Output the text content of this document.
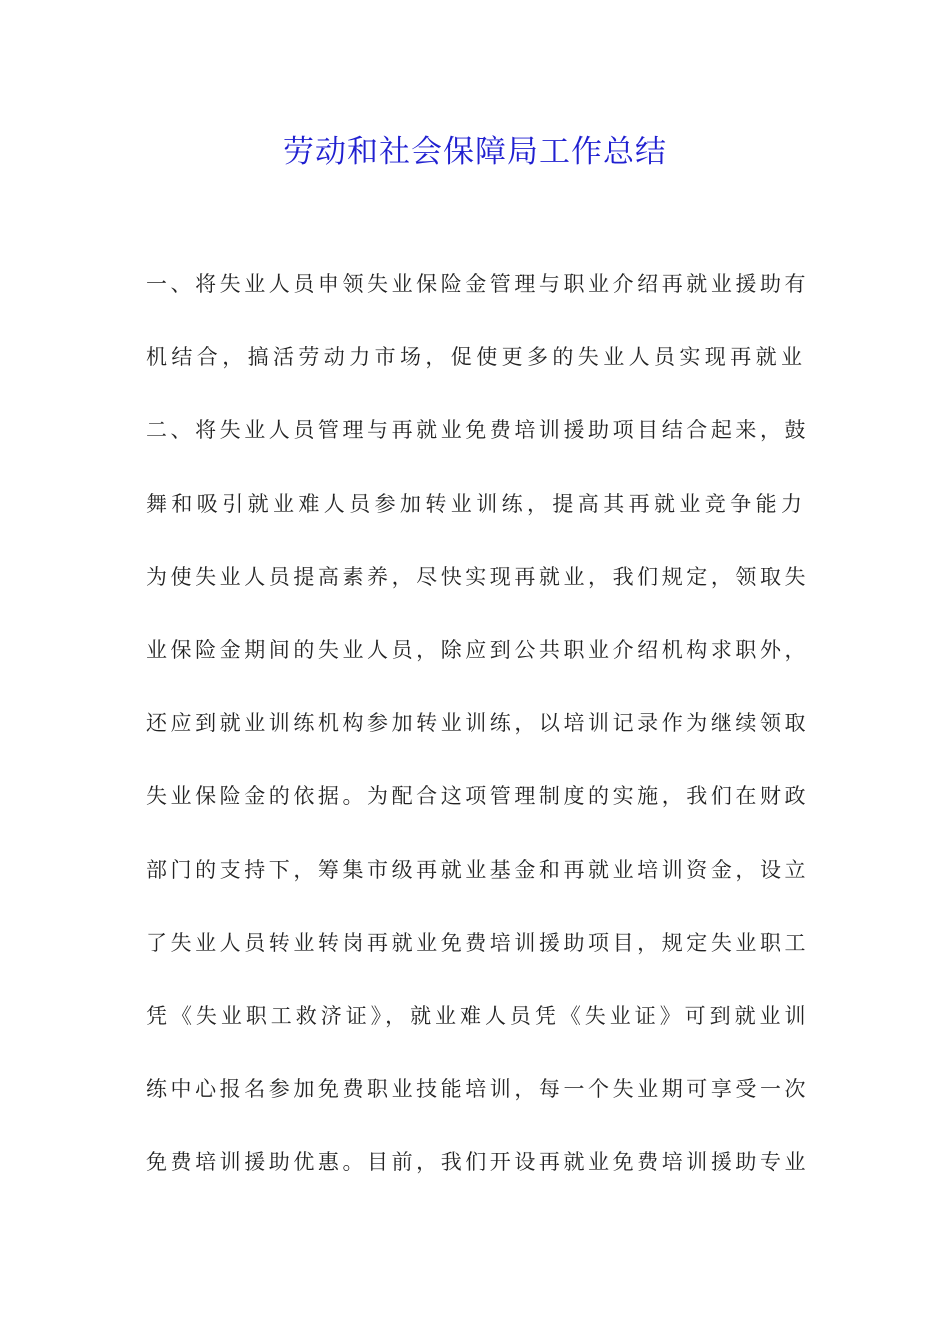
劳动和社会保障局工作总结
一、将失业人员申领失业保险金管理与职业介绍再就业援助有
机结合，搞活劳动力市场，促使更多的失业人员实现再就业
二、将失业人员管理与再就业免费培训援助项目结合起来，鼓
舞和吸引就业难人员参加转业训练，提高其再就业竞争能力
为使失业人员提高素养，尽快实现再就业，我们规定，领取失
业保险金期间的失业人员，除应到公共职业介绍机构求职外，
还应到就业训练机构参加转业训练，以培训记录作为继续领取
失业保险金的依据。为配合这项管理制度的实施，我们在财政
部门的支持下，筹集市级再就业基金和再就业培训资金，设立
了失业人员转业转岗再就业免费培训援助项目，规定失业职工
凭《失业职工救济证》，就业难人员凭《失业证》可到就业训
练中心报名参加免费职业技能培训，每一个失业期可享受一次
免费培训援助优惠。目前，我们开设再就业免费培训援助专业
